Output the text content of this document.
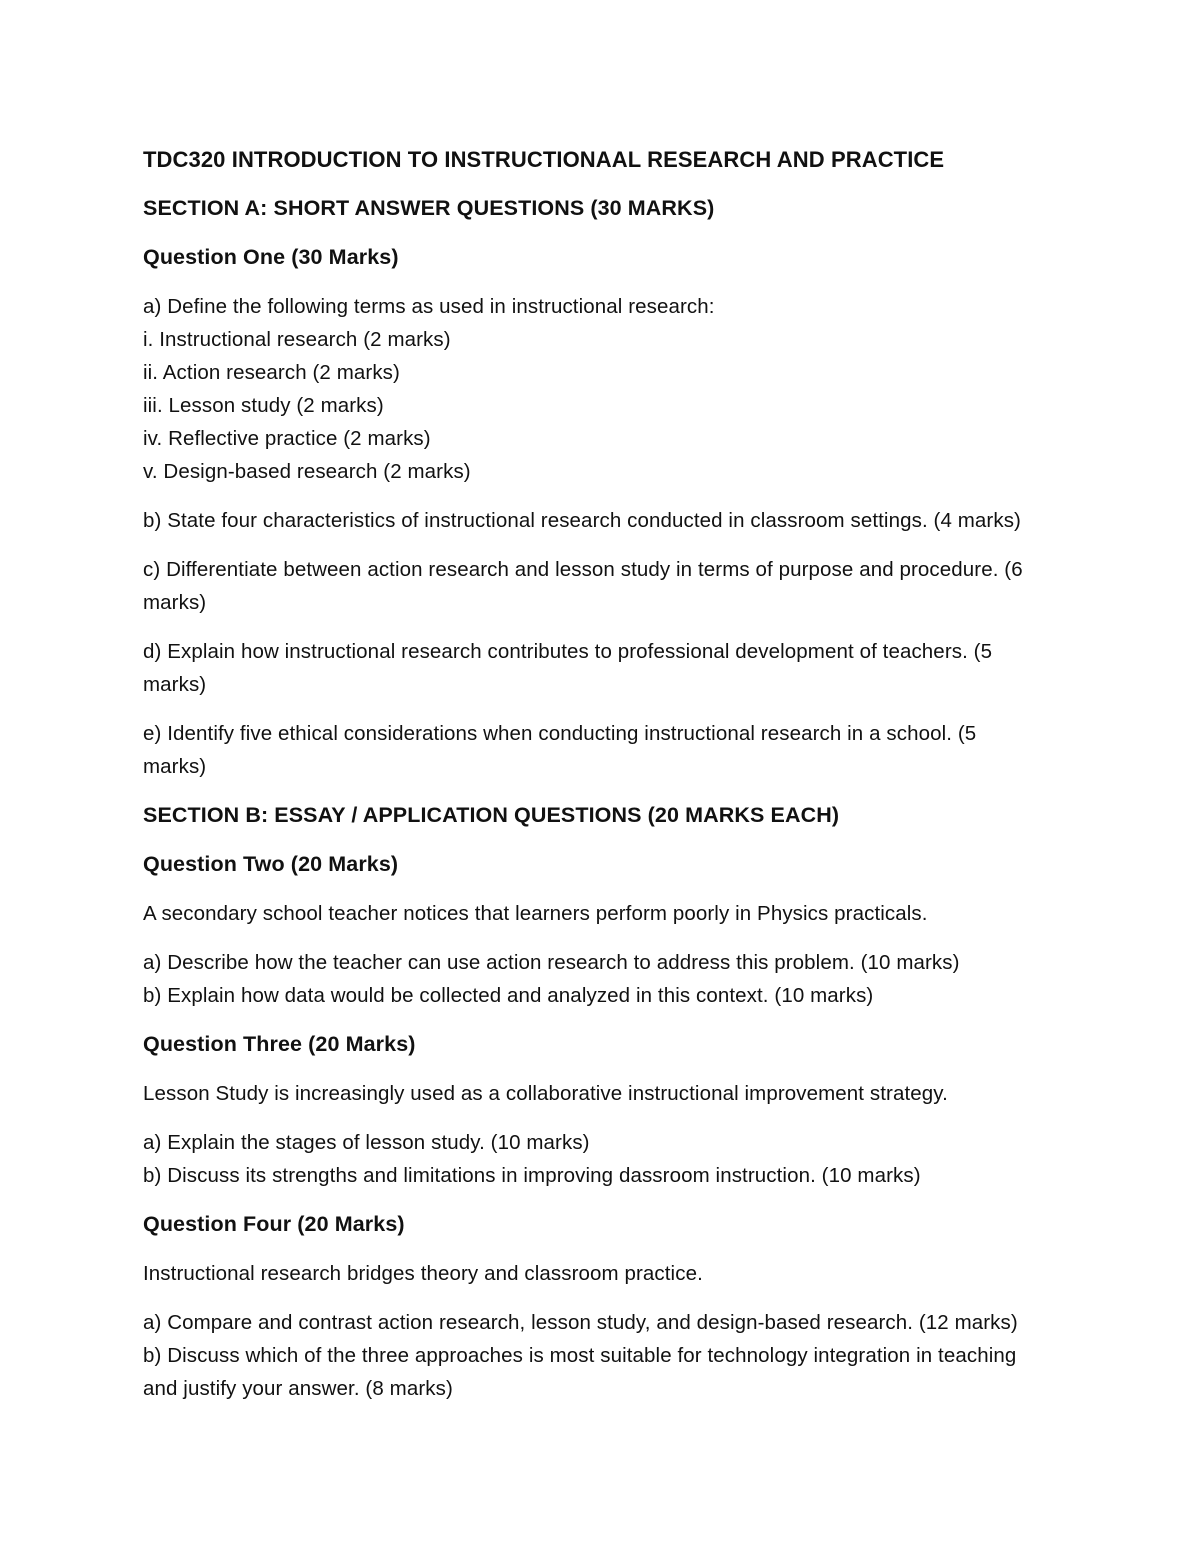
TDC320 INTRODUCTION TO INSTRUCTIONAAL RESEARCH AND PRACTICE
SECTION A: SHORT ANSWER QUESTIONS (30 MARKS)
Question One (30 Marks)
a) Define the following terms as used in instructional research:
i. Instructional research (2 marks)
ii. Action research (2 marks)
iii. Lesson study (2 marks)
iv. Reflective practice (2 marks)
v. Design-based research (2 marks)
b) State four characteristics of instructional research conducted in classroom settings. (4 marks)
c) Differentiate between action research and lesson study in terms of purpose and procedure. (6
marks)
d) Explain how instructional research contributes to professional development of teachers. (5
marks)
e) Identify five ethical considerations when conducting instructional research in a school. (5
marks)
SECTION B: ESSAY / APPLICATION QUESTIONS (20 MARKS EACH)
Question Two (20 Marks)
A secondary school teacher notices that learners perform poorly in Physics practicals.
a) Describe how the teacher can use action research to address this problem. (10 marks)
b) Explain how data would be collected and analyzed in this context. (10 marks)
Question Three (20 Marks)
Lesson Study is increasingly used as a collaborative instructional improvement strategy.
a) Explain the stages of lesson study. (10 marks)
b) Discuss its strengths and limitations in improving dassroom instruction. (10 marks)
Question Four (20 Marks)
Instructional research bridges theory and classroom practice.
a) Compare and contrast action research, lesson study, and design-based research. (12 marks)
b) Discuss which of the three approaches is most suitable for technology integration in teaching
and justify your answer. (8 marks)
